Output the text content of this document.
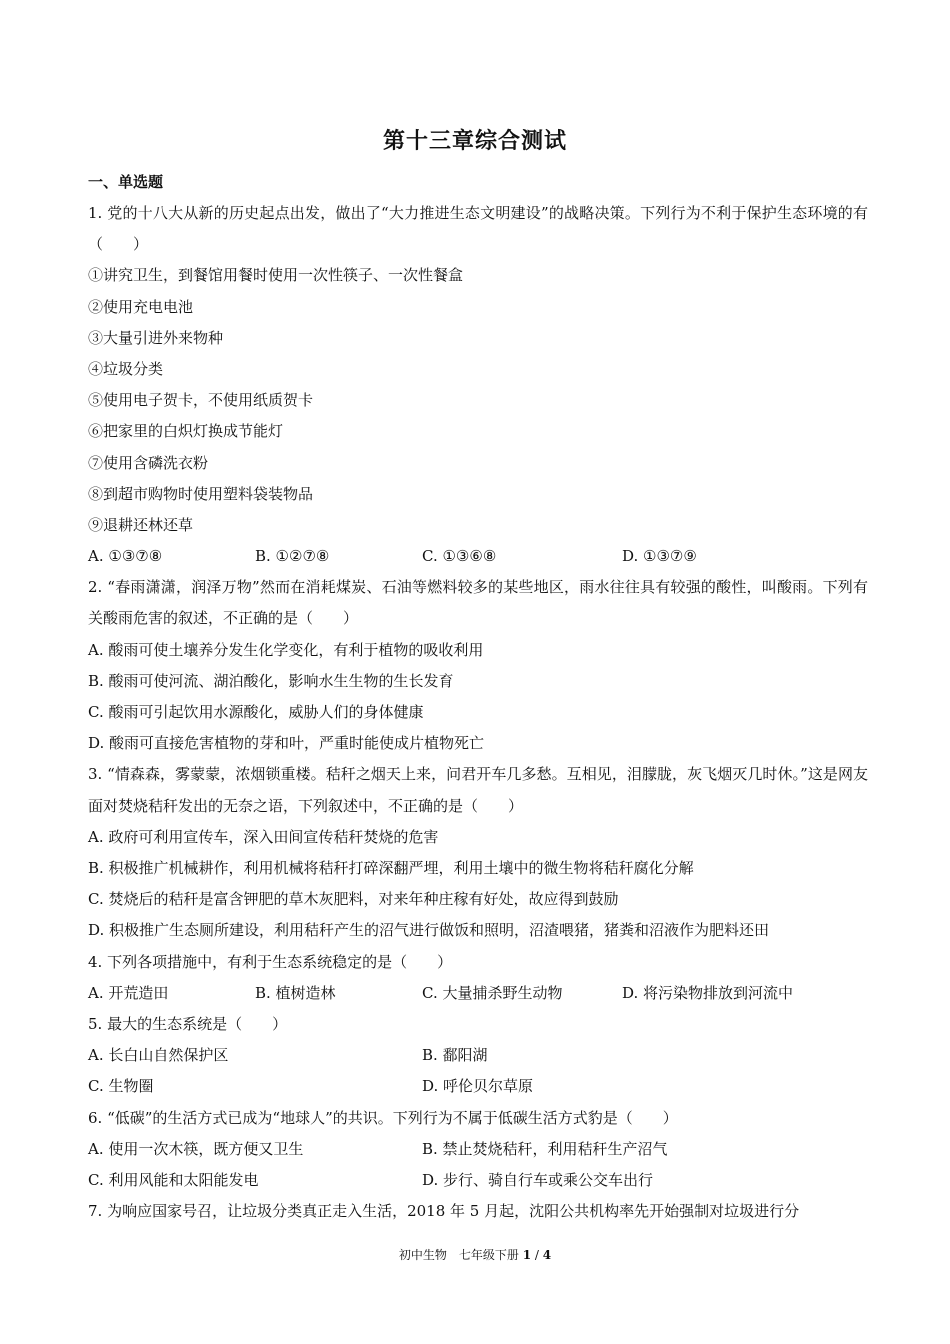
第十三章综合测试
一、单选题
1. 党的十八大从新的历史起点出发，做出了“大力推进生态文明建设”的战略决策。下列行为不利于保护生态环境的有（　　）
①讲究卫生，到餐馆用餐时使用一次性筷子、一次性餐盒
②使用充电电池
③大量引进外来物种
④垃圾分类
⑤使用电子贺卡，不使用纸质贺卡
⑥把家里的白炽灯换成节能灯
⑦使用含磷洗衣粉
⑧到超市购物时使用塑料袋装物品
⑨退耕还林还草
A. ①③⑦⑧	B. ①②⑦⑧	C. ①③⑥⑧	D. ①③⑦⑨
2. “春雨潇潇，润泽万物”然而在消耗煤炭、石油等燃料较多的某些地区，雨水往往具有较强的酸性，叫酸雨。下列有关酸雨危害的叙述，不正确的是（　　）
A. 酸雨可使土壤养分发生化学变化，有利于植物的吸收利用
B. 酸雨可使河流、湖泊酸化，影响水生生物的生长发育
C. 酸雨可引起饮用水源酸化，威胁人们的身体健康
D. 酸雨可直接危害植物的芽和叶，严重时能使成片植物死亡
3. “情森森，雾蒙蒙，浓烟锁重楼。秸秆之烟天上来，问君开车几多愁。互相见，泪朦胧，灰飞烟灭几时休。”这是网友面对焚烧秸秆发出的无奈之语，下列叙述中，不正确的是（　　）
A. 政府可利用宣传车，深入田间宣传秸秆焚烧的危害
B. 积极推广机械耕作，利用机械将秸秆打碎深翻严埋，利用土壤中的微生物将秸秆腐化分解
C. 焚烧后的秸秆是富含钾肥的草木灰肥料，对来年种庄稼有好处，故应得到鼓励
D. 积极推广生态厕所建设，利用秸秆产生的沼气进行做饭和照明，沼渣喂猪，猪粪和沼液作为肥料还田
4. 下列各项措施中，有利于生态系统稳定的是（　　）
A. 开荒造田	B. 植树造林	C. 大量捕杀野生动物	D. 将污染物排放到河流中
5. 最大的生态系统是（　　）
A. 长白山自然保护区	B. 鄱阳湖
C. 生物圈	D. 呼伦贝尔草原
6. “低碳”的生活方式已成为“地球人”的共识。下列行为不属于低碳生活方式豹是（　　）
A. 使用一次木筷，既方便又卫生	B. 禁止焚烧秸秆，利用秸秆生产沼气
C. 利用风能和太阳能发电	D. 步行、骑自行车或乘公交车出行
7. 为响应国家号召，让垃圾分类真正走入生活，2018 年 5 月起，沈阳公共机构率先开始强制对垃圾进行分
初中生物　七年级下册 1 / 4
